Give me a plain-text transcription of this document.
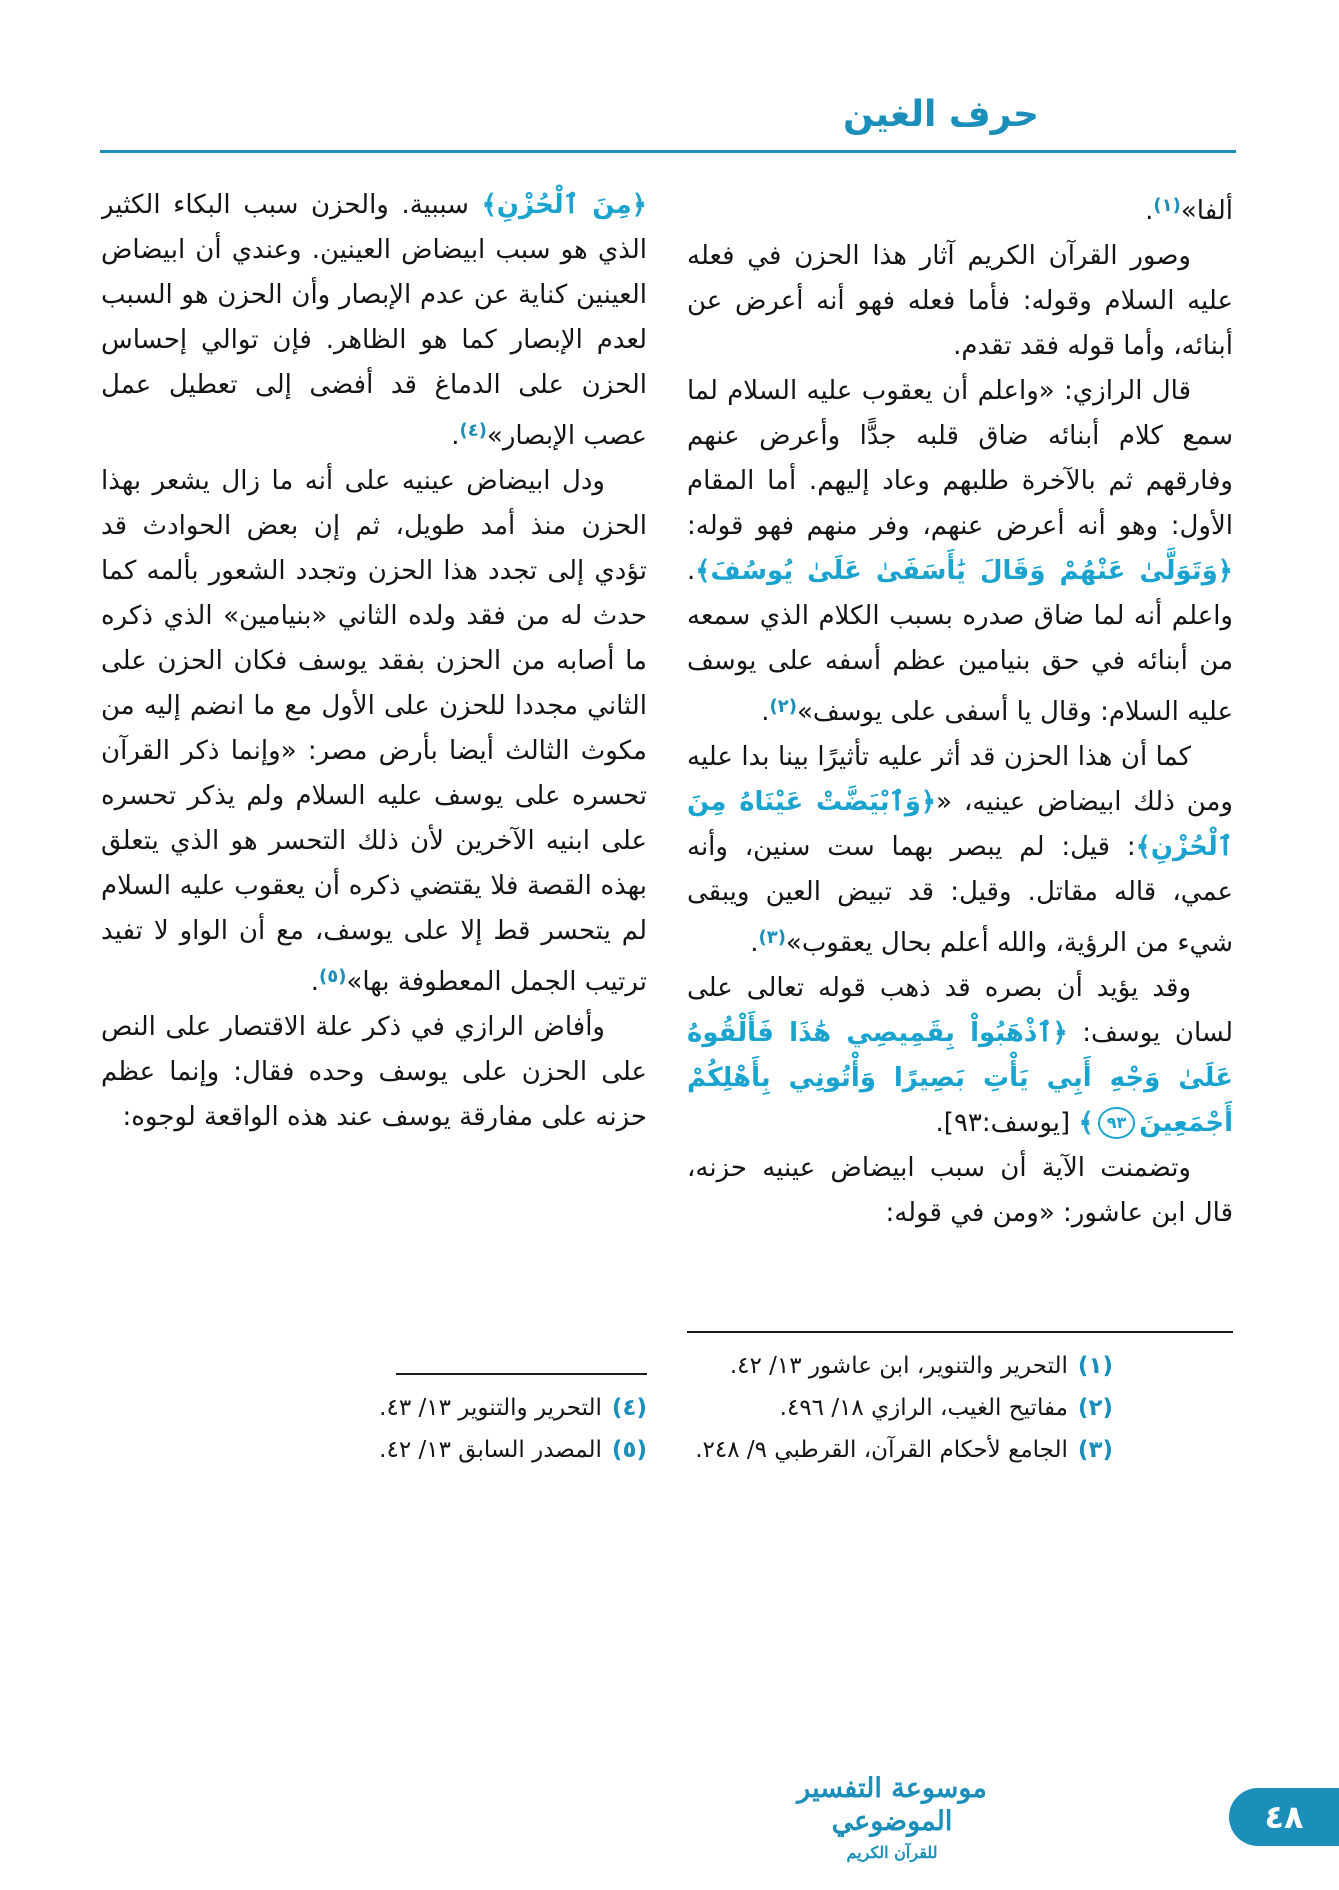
حرف الغين

ألفا»$^{(١)}$.

وصور القرآن الكريم آثار هذا الحزن في فعله عليه السلام وقوله: فأما فعله فهو أنه أعرض عن أبنائه، وأما قوله فقد تقدم.

قال الرازي: «واعلم أن يعقوب عليه السلام لما سمع كلام أبنائه ضاق قلبه جدًّا وأعرض عنهم وفارقهم ثم بالآخرة طلبهم وعاد إليهم. أما المقام الأول: وهو أنه أعرض عنهم، وفر منهم فهو قوله: ﴿وَتَوَلَّىٰ عَنْهُمْ وَقَالَ يَٰأَسَفَىٰ عَلَىٰ يُوسُفَ﴾. واعلم أنه لما ضاق صدره بسبب الكلام الذي سمعه من أبنائه في حق بنيامين عظم أسفه على يوسف عليه السلام: وقال يا أسفى على يوسف»$^{(٢)}$.

كما أن هذا الحزن قد أثر عليه تأثيرًا بينا بدا عليه ومن ذلك ابيضاض عينيه، «﴿وَٱبْيَضَّتْ عَيْنَاهُ مِنَ ٱلْحُزْنِ﴾: قيل: لم يبصر بهما ست سنين، وأنه عمي، قاله مقاتل. وقيل: قد تبيض العين ويبقى شيء من الرؤية، والله أعلم بحال يعقوب»$^{(٣)}$.

وقد يؤيد أن بصره قد ذهب قوله تعالى على لسان يوسف: ﴿ٱذْهَبُواْ بِقَمِيصِي هَٰذَا فَأَلْقُوهُ عَلَىٰ وَجْهِ أَبِي يَأْتِ بَصِيرًا وَأْتُونِي بِأَهْلِكُمْ أَجْمَعِينَ٩٣﴾ [يوسف:٩٣].

وتضمنت الآية أن سبب ابيضاض عينيه حزنه، قال ابن عاشور: «ومن في قوله:

(١)
التحرير والتنوير، ابن عاشور ١٣/ ٤٢.
(٢)
مفاتيح الغيب، الرازي ١٨/ ٤٩٦.
(٣)
الجامع لأحكام القرآن، القرطبي ٩/ ٢٤٨.

﴿مِنَ ٱلْحُزْنِ﴾ سببية. والحزن سبب البكاء الكثير الذي هو سبب ابيضاض العينين. وعندي أن ابيضاض العينين كناية عن عدم الإبصار وأن الحزن هو السبب لعدم الإبصار كما هو الظاهر. فإن توالي إحساس الحزن على الدماغ قد أفضى إلى تعطيل عمل عصب الإبصار»$^{(٤)}$.

ودل ابيضاض عينيه على أنه ما زال يشعر بهذا الحزن منذ أمد طويل، ثم إن بعض الحوادث قد تؤدي إلى تجدد هذا الحزن وتجدد الشعور بألمه كما حدث له من فقد ولده الثاني «بنيامين» الذي ذكره ما أصابه من الحزن بفقد يوسف فكان الحزن على الثاني مجددا للحزن على الأول مع ما انضم إليه من مكوث الثالث أيضا بأرض مصر: «وإنما ذكر القرآن تحسره على يوسف عليه السلام ولم يذكر تحسره على ابنيه الآخرين لأن ذلك التحسر هو الذي يتعلق بهذه القصة فلا يقتضي ذكره أن يعقوب عليه السلام لم يتحسر قط إلا على يوسف، مع أن الواو لا تفيد ترتيب الجمل المعطوفة بها»$^{(٥)}$.

وأفاض الرازي في ذكر علة الاقتصار على النص على الحزن على يوسف وحده فقال: وإنما عظم حزنه على مفارقة يوسف عند هذه الواقعة لوجوه:

(٤)
التحرير والتنوير ١٣/ ٤٣.
(٥)
المصدر السابق ١٣/ ٤٢.
موسوعة التفسير الموضوعي
للقرآن الكريم
٤٨
